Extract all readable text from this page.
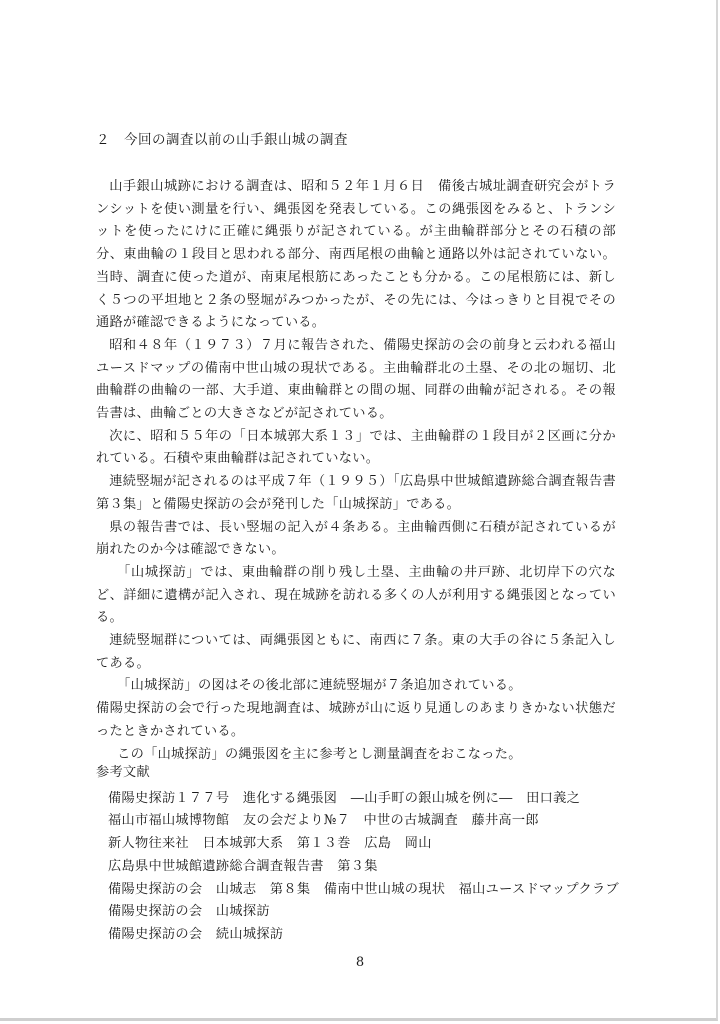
２　今回の調査以前の山手銀山城の調査

山手銀山城跡における調査は、昭和５２年１月６日　備後古城址調査研究会がトランシットを使い測量を行い、縄張図を発表している。この縄張図をみると、トランシットを使ったにけに正確に縄張りが記されている。が主曲輪群部分とその石積の部分、東曲輪の１段目と思われる部分、南西尾根の曲輪と通路以外は記されていない。当時、調査に使った道が、南東尾根筋にあったことも分かる。この尾根筋には、新しく５つの平坦地と２条の竪堀がみつかったが、その先には、今はっきりと目視でその通路が確認できるようになっている。

昭和４８年（１９７３）７月に報告された、備陽史探訪の会の前身と云われる福山ユースドマップの備南中世山城の現状である。主曲輪群北の土塁、その北の堀切、北曲輪群の曲輪の一部、大手道、東曲輪群との間の堀、同群の曲輪が記される。その報告書は、曲輪ごとの大きさなどが記されている。

次に、昭和５５年の「日本城郭大系１３」では、主曲輪群の１段目が２区画に分かれている。石積や東曲輪群は記されていない。

連続竪堀が記されるのは平成７年（１９９５）「広島県中世城館遺跡総合調査報告書第３集」と備陽史探訪の会が発刊した「山城探訪」である。

県の報告書では、長い竪堀の記入が４条ある。主曲輪西側に石積が記されているが崩れたのか今は確認できない。

「山城探訪」では、東曲輪群の削り残し土塁、主曲輪の井戸跡、北切岸下の穴など、詳細に遺構が記入され、現在城跡を訪れる多くの人が利用する縄張図となっている。

連続竪堀群については、両縄張図ともに、南西に７条。東の大手の谷に５条記入してある。

「山城探訪」の図はその後北部に連続竪堀が７条追加されている。

備陽史探訪の会で行った現地調査は、城跡が山に返り見通しのあまりきかない状態だったときかされている。

この「山城探訪」の縄張図を主に参考とし測量調査をおこなった。

参考文献
備陽史探訪１７７号　進化する縄張図　―山手町の銀山城を例に―　田口義之
福山市福山城博物館　友の会だより№７　中世の古城調査　藤井高一郎
新人物往来社　日本城郭大系　第１３巻　広島　岡山
広島県中世城館遺跡総合調査報告書　第３集
備陽史探訪の会　山城志　第８集　備南中世山城の現状　福山ユースドマップクラブ
備陽史探訪の会　山城探訪
備陽史探訪の会　続山城探訪
8
